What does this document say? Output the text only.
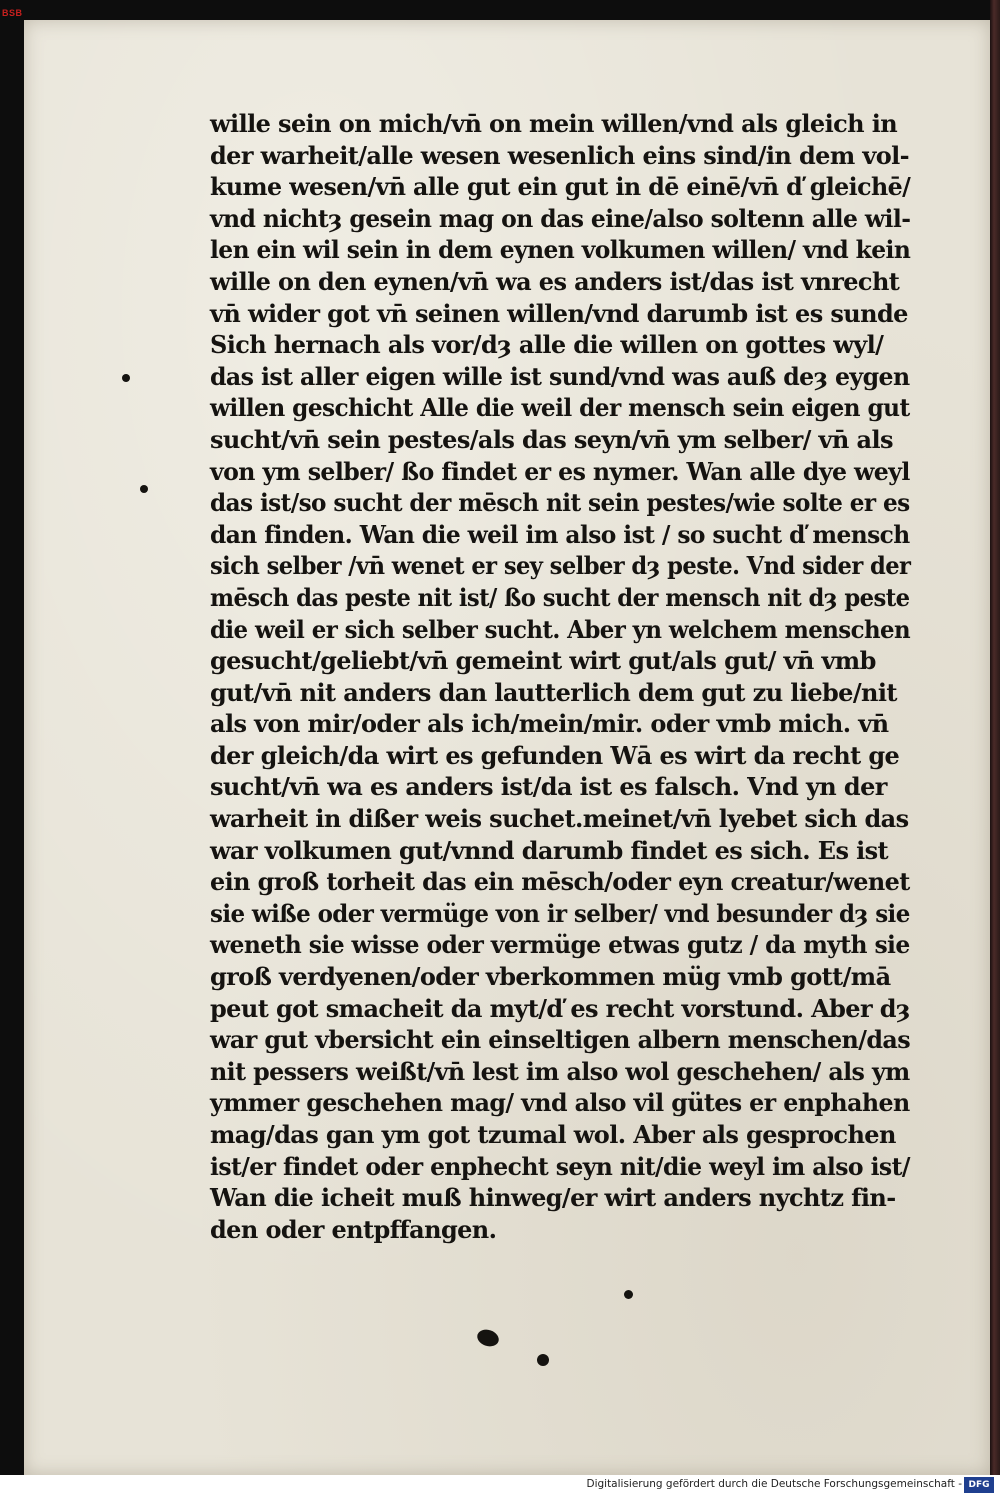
BSB
wille sein on mich/vn̄ on mein willen/vnd als gleich in
der warheit/alle wesen wesenlich eins sind/in dem vol-
kume wesen/vn̄ alle gut ein gut in dē einē/vn̄ ď gleichē/
vnd nichtȝ gesein mag on das eine/also soltenn alle wil-
len ein wil sein in dem eynen volkumen willen/ vnd kein
wille on den eynen/vn̄ wa es anders ist/das ist vnrecht
vn̄ wider got vn̄ seinen willen/vnd darumb ist es sunde
Sich hernach als vor/dȝ alle die willen on gottes wyl/
das ist aller eigen wille ist sund/vnd was auß deȝ eygen
willen geschicht Alle die weil der mensch sein eigen gut
sucht/vn̄ sein pestes/als das seyn/vn̄ ym selber/ vn̄ als
von ym selber/ ßo findet er es nymer. Wan alle dye weyl
das ist/so sucht der mēsch nit sein pestes/wie solte er es
dan finden. Wan die weil im also ist / so sucht ď mensch
sich selber /vn̄ wenet er sey selber dȝ peste. Vnd sider der
mēsch das peste nit ist/ ßo sucht der mensch nit dȝ peste
die weil er sich selber sucht. Aber yn welchem menschen
gesucht/geliebt/vn̄ gemeint wirt gut/als gut/ vn̄ vmb
gut/vn̄ nit anders dan lautterlich dem gut zu liebe/nit
als von mir/oder als ich/mein/mir. oder vmb mich. vn̄
der gleich/da wirt es gefunden Wā es wirt da recht ge
sucht/vn̄ wa es anders ist/da ist es falsch. Vnd yn der
warheit in dißer weis suchet.meinet/vn̄ lyebet sich das
war volkumen gut/vnnd darumb findet es sich. Es ist
ein groß torheit das ein mēsch/oder eyn creatur/wenet
sie wiße oder vermüge von ir selber/ vnd besunder dȝ sie
weneth sie wisse oder vermüge etwas gutz / da myth sie
groß verdyenen/oder vberkommen müg vmb gott/mā
peut got smacheit da myt/ď es recht vorstund. Aber dȝ
war gut vbersicht ein einseltigen albern menschen/das
nit pessers weißt/vn̄ lest im also wol geschehen/ als ym
ymmer geschehen mag/ vnd also vil gütes er enphahen
mag/das gan ym got tzumal wol. Aber als gesprochen
ist/er findet oder enphecht seyn nit/die weyl im also ist/
Wan die icheit muß hinweg/er wirt anders nychtz fin-
den oder entpffangen.
Digitalisierung gefördert durch die Deutsche Forschungsgemeinschaft - DFG
